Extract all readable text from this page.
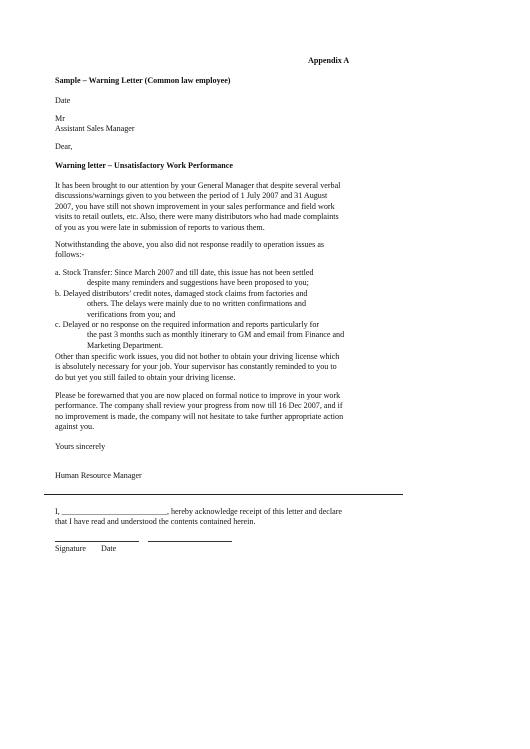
Appendix A
Sample – Warning Letter (Common law employee)
Date
Mr
Assistant Sales Manager
Dear,
Warning letter – Unsatisfactory Work Performance
It has been brought to our attention by your General Manager that despite several verbal
discussions/warnings given to you between the period of 1 July 2007 and 31 August
2007, you have still not shown improvement in your sales performance and field work
visits to retail outlets, etc. Also, there were many distributors who had made complaints
of you as you were late in submission of reports to various them.
Notwithstanding the above, you also did not response readily to operation issues as
follows:-
a. Stock Transfer: Since March 2007 and till date, this issue has not been settled
despite many reminders and suggestions have been proposed to you;
b. Delayed distributors’ credit notes, damaged stock claims from factories and
others. The delays were mainly due to no written confirmations and
verifications from you; and
c. Delayed or no response on the required information and reports particularly for
the past 3 months such as monthly itinerary to GM and email from Finance and
Marketing Department.
Other than specific work issues, you did not bother to obtain your driving license which
is absolutely necessary for your job. Your supervisor has constantly reminded to you to
do but yet you still failed to obtain your driving license.
Please be forewarned that you are now placed on formal notice to improve in your work
performance. The company shall review your progress from now till 16 Dec 2007, and if
no improvement is made, the company will not hesitate to take further appropriate action
against you.
Yours sincerely
Human Resource Manager
I, __________________________, hereby acknowledge receipt of this letter and declare
that I have read and understood the contents contained herein.
Signature Date
